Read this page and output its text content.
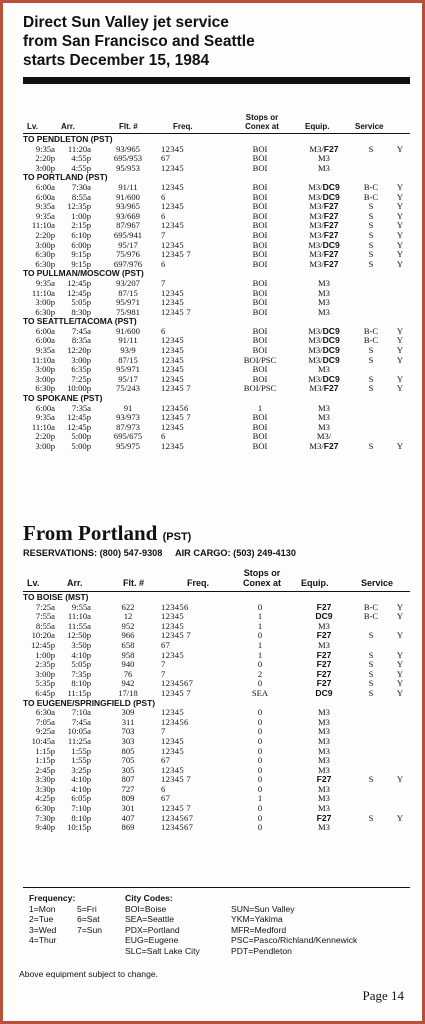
Direct Sun Valley jet service
from San Francisco and Seattle
starts December 15, 1984
Lv.	Arr.	Flt. #	Freq.
Stops or
Conex at	Equip.	Service
TO PENDLETON (PST)
9:35a	11:20a	93/965	12345	BOI	M3/F27	S	Y
2:20p	4:55p	695/953	67	BOI	M3
3:00p	4:55p	95/953	12345	BOI	M3
TO PORTLAND (PST)
6:00a	7:30a	91/11	12345	BOI	M3/DC9	B-C	Y
6:00a	8:55a	91/600	6	BOI	M3/DC9	B-C	Y
9:35a	12:35p	93/965	12345	BOI	M3/F27	S	Y
9:35a	1:00p	93/669	6	BOI	M3/F27	S	Y
11:10a	2:15p	87/967	12345	BOI	M3/F27	S	Y
2:20p	6:10p	695/941	7	BOI	M3/F27	S	Y
3:00p	6:00p	95/17	12345	BOI	M3/DC9	S	Y
6:30p	9:15p	75/976	12345 7	BOI	M3/F27	S	Y
6:30p	9:15p	697/976	6	BOI	M3/F27	S	Y
TO PULLMAN/MOSCOW (PST)
9:35a	12:45p	93/207	7	BOI	M3
11:10a	12:45p	87/15	12345	BOI	M3
3:00p	5:05p	95/971	12345	BOI	M3
6:30p	8:30p	75/981	12345 7	BOI	M3
TO SEATTLE/TACOMA (PST)
6:00a	7:45a	91/600	6	BOI	M3/DC9	B-C	Y
6:00a	8:35a	91/11	12345	BOI	M3/DC9	B-C	Y
9:35a	12:20p	93/9	12345	BOI	M3/DC9	S	Y
11:10a	3:00p	87/15	12345	BOI/PSC	M3/DC9	S	Y
3:00p	6:35p	95/971	12345	BOI	M3
3:00p	7:25p	95/17	12345	BOI	M3/DC9	S	Y
6:30p	10:00p	75/243	12345 7	BOI/PSC	M3/F27	S	Y
TO SPOKANE (PST)
6:00a	7:35a	91	123456	1	M3
9:35a	12:45p	93/973	12345 7	BOI	M3
11:10a	12:45p	87/973	12345	BOI	M3
2:20p	5:00p	695/675	6	BOI	M3/
3:00p	5:00p	95/975	12345	BOI	M3/F27	S	Y
From Portland (PST)
RESERVATIONS: (800) 547-9308 AIR CARGO: (503) 249-4130
Lv.	Arr.	Flt. #	Freq.
Stops or
Conex at	Equip.	Service
TO BOISE (MST)
7:25a	9:55a	622	123456	0	F27	B-C	Y
7:55a	11:10a	12	12345	1	DC9	B-C	Y
8:55a	11:55a	952	12345	1	M3
10:20a	12:50p	966	12345 7	0	F27	S	Y
12:45p	3:50p	658	67	1	M3
1:00p	4:10p	958	12345	1	F27	S	Y
2:35p	5:05p	940	7	0	F27	S	Y
3:00p	7:35p	76	7	2	F27	S	Y
5:35p	8:10p	942	1234567	0	F27	S	Y
6:45p	11:15p	17/18	12345 7	SEA	DC9	S	Y
TO EUGENE/SPRINGFIELD (PST)
6:30a	7:10a	309	12345	0	M3
7:05a	7:45a	311	123456	0	M3
9:25a	10:05a	703	7	0	M3
10:45a	11:25a	303	12345	0	M3
1:15p	1:55p	805	12345	0	M3
1:15p	1:55p	705	67	0	M3
2:45p	3:25p	305	12345	0	M3
3:30p	4:10p	807	12345 7	0	F27	S	Y
3:30p	4:10p	727	6	0	M3
4:25p	6:05p	809	67	1	M3
6:30p	7:10p	301	12345 7	0	M3
7:30p	8:10p	407	1234567	0	F27	S	Y
9:40p	10:15p	869	1234567	0	M3
Frequency:
1=Mon
2=Tue
3=Wed
4=Thur
5=Fri
6=Sat
7=Sun
City Codes:
BOI=Boise
SEA=Seattle
PDX=Portland
EUG=Eugene
SLC=Salt Lake City
SUN=Sun Valley
YKM=Yakima
MFR=Medford
PSC=Pasco/Richland/Kennewick
PDT=Pendleton
Above equipment subject to change.
Page 14
